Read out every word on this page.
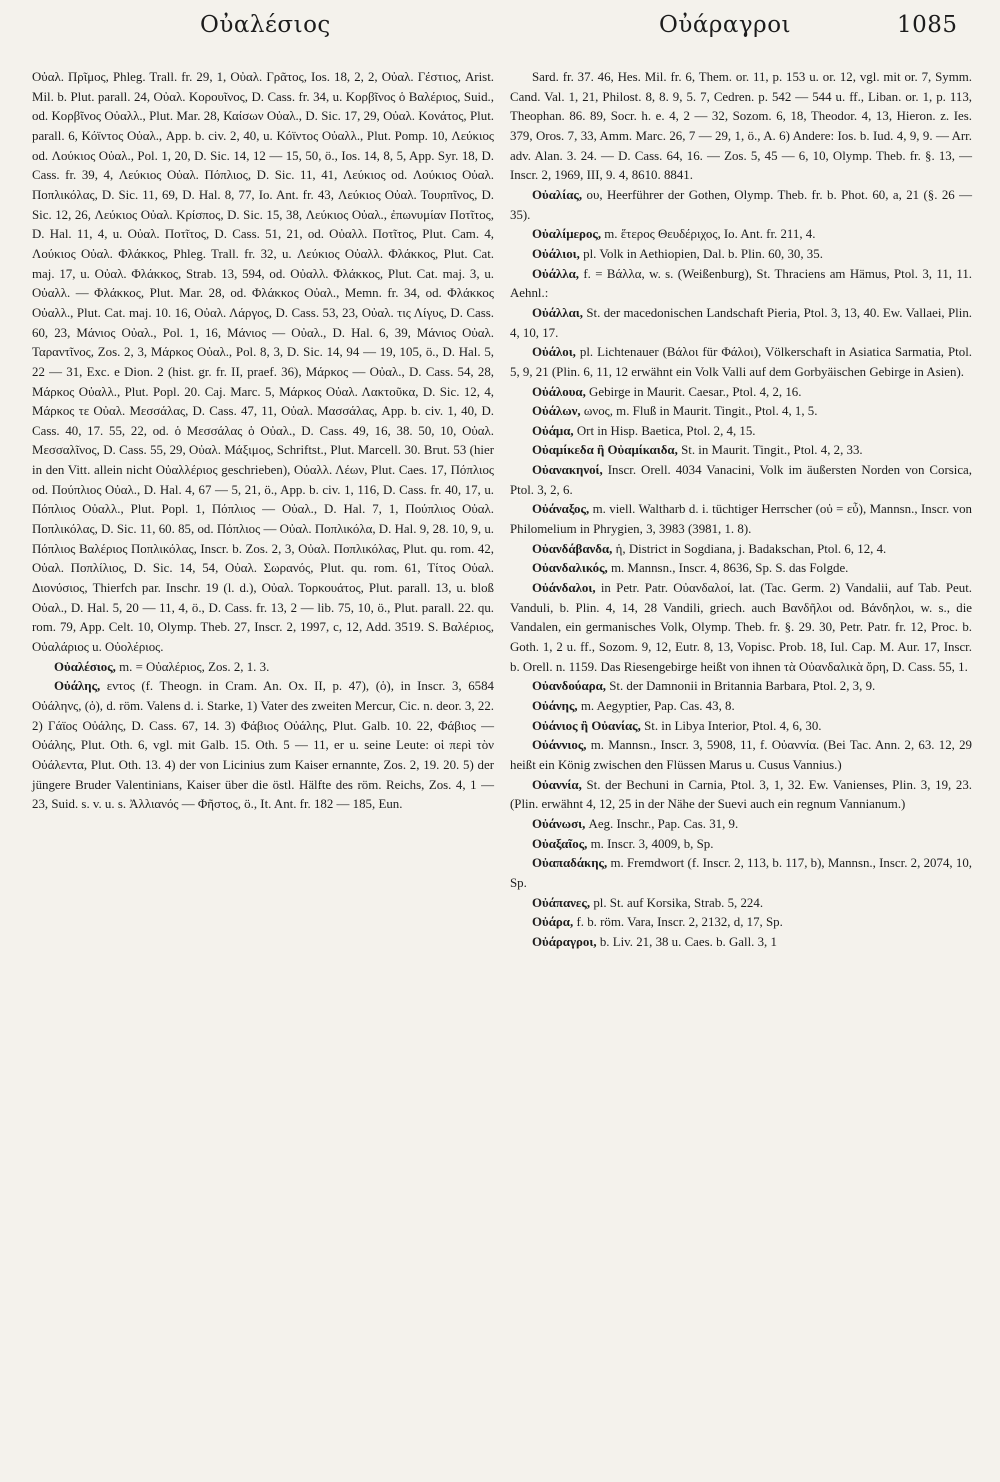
Οὐαλέσιος	Οὐάραγροι	1085

Οὐαλ. Πρῖμος, Phleg. Trall. fr. 29, 1, Οὐαλ. Γρᾶτος, Ios. 18, 2, 2, Οὐαλ. Γέστιος, Arist. Mil. b. Plut. parall. 24, Οὐαλ. Κορουῖνος, D. Cass. fr. 34, u. Κορβῖνος ὁ Βαλέριος, Suid., od. Κορβῖνος Οὐαλλ., Plut. Mar. 28, Καίσων Οὐαλ., D. Sic. 17, 29, Οὐαλ. Κονάτος, Plut. parall. 6, Κόϊντος Οὐαλ., App. b. civ. 2, 40, u. Κόϊντος Οὐαλλ., Plut. Pomp. 10, Λεύκιος od. Λούκιος Οὐαλ., Pol. 1, 20, D. Sic. 14, 12 — 15, 50, ö., Ios. 14, 8, 5, App. Syr. 18, D. Cass. fr. 39, 4, Λεύκιος Οὐαλ. Πόπλιος, D. Sic. 11, 41, Λεύκιος od. Λούκιος Οὐαλ. Ποπλικόλας, D. Sic. 11, 69, D. Hal. 8, 77, Io. Ant. fr. 43, Λεύκιος Οὐαλ. Τουρπῖνος, D. Sic. 12, 26, Λεύκιος Οὐαλ. Κρίσπος, D. Sic. 15, 38, Λεύκιος Οὐαλ., ἐπωνυμίαν Ποτῖτος, D. Hal. 11, 4, u. Οὐαλ. Ποτῖτος, D. Cass. 51, 21, od. Οὐαλλ. Ποτῖτος, Plut. Cam. 4, Λούκιος Οὐαλ. Φλάκκος, Phleg. Trall. fr. 32, u. Λεύκιος Οὐαλλ. Φλάκκος, Plut. Cat. maj. 17, u. Οὐαλ. Φλάκκος, Strab. 13, 594, od. Οὐαλλ. Φλάκκος, Plut. Cat. maj. 3, u. Οὐαλλ. — Φλάκκος, Plut. Mar. 28, od. Φλάκκος Οὐαλ., Memn. fr. 34, od. Φλάκκος Οὐαλλ., Plut. Cat. maj. 10. 16, Οὐαλ. Λάργος, D. Cass. 53, 23, Οὐαλ. τις Λίγυς, D. Cass. 60, 23, Μάνιος Οὐαλ., Pol. 1, 16, Μάνιος — Οὐαλ., D. Hal. 6, 39, Μάνιος Οὐαλ. Ταραντῖνος, Zos. 2, 3, Μάρκος Οὐαλ., Pol. 8, 3, D. Sic. 14, 94 — 19, 105, ö., D. Hal. 5, 22 — 31, Exc. e Dion. 2 (hist. gr. fr. II, praef. 36), Μάρκος — Οὐαλ., D. Cass. 54, 28, Μάρκος Οὐαλλ., Plut. Popl. 20. Caj. Marc. 5, Μάρκος Οὐαλ. Λακτοῦκα, D. Sic. 12, 4, Μάρκος τε Οὐαλ. Μεσσάλας, D. Cass. 47, 11, Οὐαλ. Μασσάλας, App. b. civ. 1, 40, D. Cass. 40, 17. 55, 22, od. ὁ Μεσσάλας ὁ Οὐαλ., D. Cass. 49, 16, 38. 50, 10, Οὐαλ. Μεσσαλῖνος, D. Cass. 55, 29, Οὐαλ. Μάξιμος, Schriftst., Plut. Marcell. 30. Brut. 53 (hier in den Vitt. allein nicht Οὐαλλέριος geschrieben), Οὐαλλ. Λέων, Plut. Caes. 17, Πόπλιος od. Πούπλιος Οὐαλ., D. Hal. 4, 67 — 5, 21, ö., App. b. civ. 1, 116, D. Cass. fr. 40, 17, u. Πόπλιος Οὐαλλ., Plut. Popl. 1, Πόπλιος — Οὐαλ., D. Hal. 7, 1, Πούπλιος Οὐαλ. Ποπλικόλας, D. Sic. 11, 60. 85, od. Πόπλιος — Οὐαλ. Ποπλικόλα, D. Hal. 9, 28. 10, 9, u. Πόπλιος Βαλέριος Ποπλικόλας, Inscr. b. Zos. 2, 3, Οὐαλ. Ποπλικόλας, Plut. qu. rom. 42, Οὐαλ. Ποπλίλιος, D. Sic. 14, 54, Οὐαλ. Σωρανός, Plut. qu. rom. 61, Τίτος Οὐαλ. Διονύσιος, Thierfch par. Inschr. 19 (l. d.), Οὐαλ. Τορκουάτος, Plut. parall. 13, u. bloß Οὐαλ., D. Hal. 5, 20 — 11, 4, ö., D. Cass. fr. 13, 2 — lib. 75, 10, ö., Plut. parall. 22. qu. rom. 79, App. Celt. 10, Olymp. Theb. 27, Inscr. 2, 1997, c, 12, Add. 3519. S. Βαλέριος, Οὐαλάριος u. Οὐολέριος.

Οὐαλέσιος, m. = Οὐαλέριος, Zos. 2, 1. 3.

Οὐάλης, εντος (f. Theogn. in Cram. An. Ox. II, p. 47), (ὁ), in Inscr. 3, 6584 Οὐάληνς, (ὁ), d. röm. Valens d. i. Starke, 1) Vater des zweiten Mercur, Cic. n. deor. 3, 22. 2) Γάϊος Οὐάλης, D. Cass. 67, 14. 3) Φάβιος Οὐάλης, Plut. Galb. 10. 22, Φάβιος — Οὐάλης, Plut. Oth. 6, vgl. mit Galb. 15. Oth. 5 — 11, er u. seine Leute: οἱ περὶ τὸν Οὐάλεντα, Plut. Oth. 13. 4) der von Licinius zum Kaiser ernannte, Zos. 2, 19. 20. 5) der jüngere Bruder Valentinians, Kaiser über die östl. Hälfte des röm. Reichs, Zos. 4, 1 — 23, Suid. s. v. u. s. Ἀλλιανός — Φῆστος, ö., It. Ant. fr. 182 — 185, Eun.

Sard. fr. 37. 46, Hes. Mil. fr. 6, Them. or. 11, p. 153 u. or. 12, vgl. mit or. 7, Symm. Cand. Val. 1, 21, Philost. 8, 8. 9, 5. 7, Cedren. p. 542 — 544 u. ff., Liban. or. 1, p. 113, Theophan. 86. 89, Socr. h. e. 4, 2 — 32, Sozom. 6, 18, Theodor. 4, 13, Hieron. z. Ies. 379, Oros. 7, 33, Amm. Marc. 26, 7 — 29, 1, ö., A. 6) Andere: Ios. b. Iud. 4, 9, 9. — Arr. adv. Alan. 3. 24. — D. Cass. 64, 16. — Zos. 5, 45 — 6, 10, Olymp. Theb. fr. §. 13, — Inscr. 2, 1969, III, 9. 4, 8610. 8841.

Οὐαλίας, ου, Heerführer der Gothen, Olymp. Theb. fr. b. Phot. 60, a, 21 (§. 26 — 35).

Οὐαλίμερος, m. ἕτερος Θευδέριχος, Io. Ant. fr. 211, 4.

Οὐάλιοι, pl. Volk in Aethiopien, Dal. b. Plin. 60, 30, 35.

Οὐάλλα, f. = Βάλλα, w. s. (Weißenburg), St. Thraciens am Hämus, Ptol. 3, 11, 11. Aehnl.:

Οὐάλλαι, St. der macedonischen Landschaft Pieria, Ptol. 3, 13, 40. Ew. Vallaei, Plin. 4, 10, 17.

Οὐάλοι, pl. Lichtenauer (Βάλοι für Φάλοι), Völkerschaft in Asiatica Sarmatia, Ptol. 5, 9, 21 (Plin. 6, 11, 12 erwähnt ein Volk Valli auf dem Gorbyäischen Gebirge in Asien).

Οὐάλουα, Gebirge in Maurit. Caesar., Ptol. 4, 2, 16.

Οὐάλων, ωνος, m. Fluß in Maurit. Tingit., Ptol. 4, 1, 5.

Οὐάμα, Ort in Hisp. Baetica, Ptol. 2, 4, 15.

Οὐαμίκεδα ἢ Οὐαμίκαιδα, St. in Maurit. Tingit., Ptol. 4, 2, 33.

Οὐανακηνοί, Inscr. Orell. 4034 Vanacini, Volk im äußersten Norden von Corsica, Ptol. 3, 2, 6.

Οὐάναξος, m. viell. Waltharb d. i. tüchtiger Herrscher (οὐ = εὖ), Mannsn., Inscr. von Philomelium in Phrygien, 3, 3983 (3981, 1. 8).

Οὐανδάβανδα, ἡ, District in Sogdiana, j. Badakschan, Ptol. 6, 12, 4.

Οὐανδαλικός, m. Mannsn., Inscr. 4, 8636, Sp. S. das Folgde.

Οὐάνδαλοι, in Petr. Patr. Οὐανδαλοί, lat. (Tac. Germ. 2) Vandalii, auf Tab. Peut. Vanduli, b. Plin. 4, 14, 28 Vandili, griech. auch Βανδῆλοι od. Βάνδηλοι, w. s., die Vandalen, ein germanisches Volk, Olymp. Theb. fr. §. 29. 30, Petr. Patr. fr. 12, Proc. b. Goth. 1, 2 u. ff., Sozom. 9, 12, Eutr. 8, 13, Vopisc. Prob. 18, Iul. Cap. M. Aur. 17, Inscr. b. Orell. n. 1159. Das Riesengebirge heißt von ihnen τὰ Οὐανδαλικὰ ὄρη, D. Cass. 55, 1.

Οὐανδούαρα, St. der Damnonii in Britannia Barbara, Ptol. 2, 3, 9.

Οὐάνης, m. Aegyptier, Pap. Cas. 43, 8.

Οὐάνιος ἢ Οὐανίας, St. in Libya Interior, Ptol. 4, 6, 30.

Οὐάννιος, m. Mannsn., Inscr. 3, 5908, 11, f. Οὐαννία. (Bei Tac. Ann. 2, 63. 12, 29 heißt ein König zwischen den Flüssen Marus u. Cusus Vannius.)

Οὐαννία, St. der Bechuni in Carnia, Ptol. 3, 1, 32. Ew. Vanienses, Plin. 3, 19, 23. (Plin. erwähnt 4, 12, 25 in der Nähe der Suevi auch ein regnum Vannianum.)

Οὐάνωσι, Aeg. Inschr., Pap. Cas. 31, 9.

Οὐαξαῖος, m. Inscr. 3, 4009, b, Sp.

Οὐαπαδάκης, m. Fremdwort (f. Inscr. 2, 113, b. 117, b), Mannsn., Inscr. 2, 2074, 10, Sp.

Οὐάπανες, pl. St. auf Korsika, Strab. 5, 224.

Οὐάρα, f. b. röm. Vara, Inscr. 2, 2132, d, 17, Sp.

Οὐάραγροι, b. Liv. 21, 38 u. Caes. b. Gall. 3, 1
